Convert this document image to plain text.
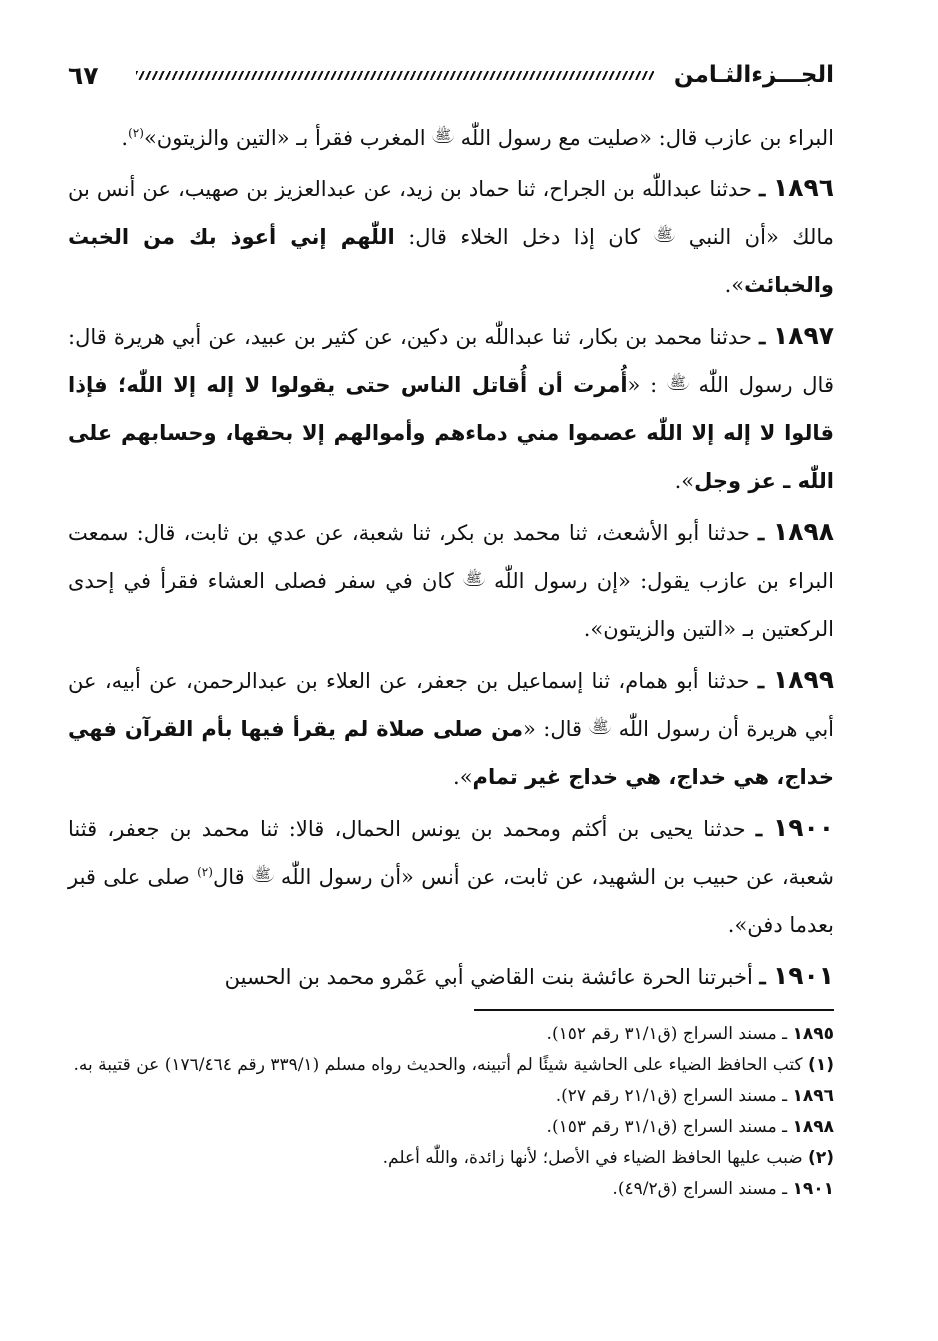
الجـــزءالثـامن
٦٧

البراء بن عازب قال: «صليت مع رسول اللّٰه ﷺ المغرب فقرأ بـ «التين والزيتون»$^{(٢)}$.

١٨٩٦ ـ حدثنا عبداللّٰه بن الجراح، ثنا حماد بن زيد، عن عبدالعزيز بن صهيب، عن أنس بن مالك «أن النبي ﷺ كان إذا دخل الخلاء قال: اللّٰهم إني أعوذ بك من الخبث والخبائث».

١٨٩٧ ـ حدثنا محمد بن بكار، ثنا عبداللّٰه بن دكين، عن كثير بن عبيد، عن أبي هريرة قال: قال رسول اللّٰه ﷺ : «أُمرت أن أُقاتل الناس حتى يقولوا لا إله إلا اللّٰه؛ فإذا قالوا لا إله إلا اللّٰه عصموا مني دماءهم وأموالهم إلا بحقها، وحسابهم على اللّٰه ـ عز وجل».

١٨٩٨ ـ حدثنا أبو الأشعث، ثنا محمد بن بكر، ثنا شعبة، عن عدي بن ثابت، قال: سمعت البراء بن عازب يقول: «إن رسول اللّٰه ﷺ كان في سفر فصلى العشاء فقرأ في إحدى الركعتين بـ «التين والزيتون».

١٨٩٩ ـ حدثنا أبو همام، ثنا إسماعيل بن جعفر، عن العلاء بن عبدالرحمن، عن أبيه، عن أبي هريرة أن رسول اللّٰه ﷺ قال: «من صلى صلاة لم يقرأ فيها بأم القرآن فهي خداج، هي خداج، هي خداج غير تمام».

١٩٠٠ ـ حدثنا يحيى بن أكثم ومحمد بن يونس الحمال، قالا: ثنا محمد بن جعفر، قثنا شعبة، عن حبيب بن الشهيد، عن ثابت، عن أنس «أن رسول اللّٰه ﷺ قال$^{(٢)}$ صلى على قبر بعدما دفن».

١٩٠١ ـ أخبرتنا الحرة عائشة بنت القاضي أبي عَمْرو محمد بن الحسين

١٨٩٥ ـ مسند السراج (ق٣١/١ رقم ١٥٢).

(١) كتب الحافظ الضياء على الحاشية شيئًا لم أتبينه، والحديث رواه مسلم (٣٣٩/١ رقم ١٧٦/٤٦٤) عن قتيبة به.

١٨٩٦ ـ مسند السراج (ق٢١/١ رقم ٢٧).

١٨٩٨ ـ مسند السراج (ق٣١/١ رقم ١٥٣).

(٢) ضبب عليها الحافظ الضياء في الأصل؛ لأنها زائدة، واللّٰه أعلم.

١٩٠١ ـ مسند السراج (ق٤٩/٢).
